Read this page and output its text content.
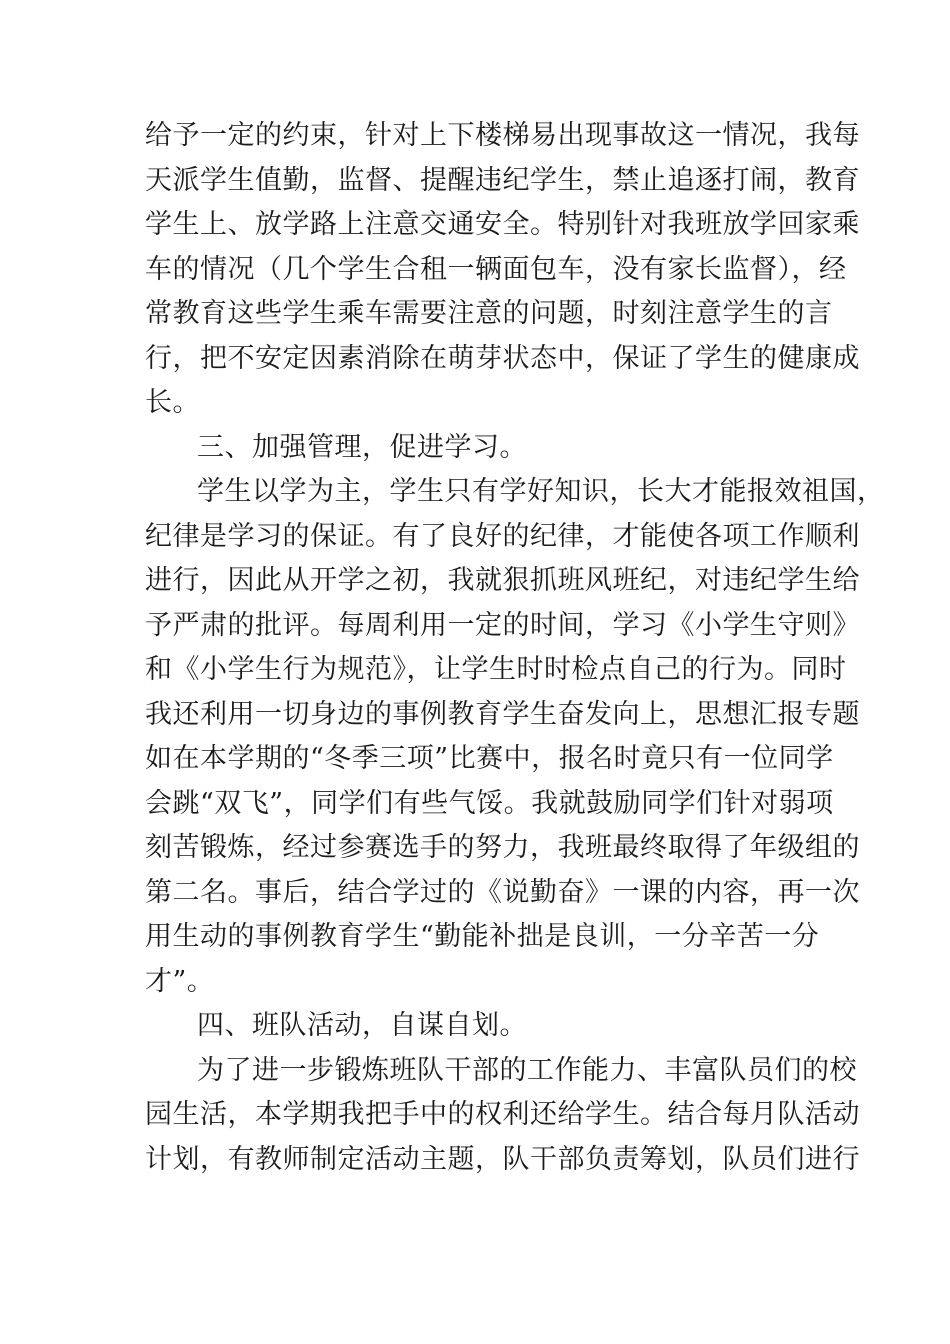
给予一定的约束，针对上下楼梯易出现事故这一情况，我每

天派学生值勤，监督、提醒违纪学生，禁止追逐打闹，教育

学生上、放学路上注意交通安全。特别针对我班放学回家乘

车的情况（几个学生合租一辆面包车，没有家长监督），经

常教育这些学生乘车需要注意的问题，时刻注意学生的言

行，把不安定因素消除在萌芽状态中，保证了学生的健康成

长。

三、加强管理，促进学习。

学生以学为主，学生只有学好知识，长大才能报效祖国，

纪律是学习的保证。有了良好的纪律，才能使各项工作顺利

进行，因此从开学之初，我就狠抓班风班纪，对违纪学生给

予严肃的批评。每周利用一定的时间，学习《小学生守则》

和《小学生行为规范》，让学生时时检点自己的行为。同时

我还利用一切身边的事例教育学生奋发向上，思想汇报专题

如在本学期的“冬季三项”比赛中，报名时竟只有一位同学

会跳“双飞”，同学们有些气馁。我就鼓励同学们针对弱项

刻苦锻炼，经过参赛选手的努力，我班最终取得了年级组的

第二名。事后，结合学过的《说勤奋》一课的内容，再一次

用生动的事例教育学生“勤能补拙是良训，一分辛苦一分

才”。

四、班队活动，自谋自划。

为了进一步锻炼班队干部的工作能力、丰富队员们的校

园生活，本学期我把手中的权利还给学生。结合每月队活动

计划，有教师制定活动主题，队干部负责筹划，队员们进行
